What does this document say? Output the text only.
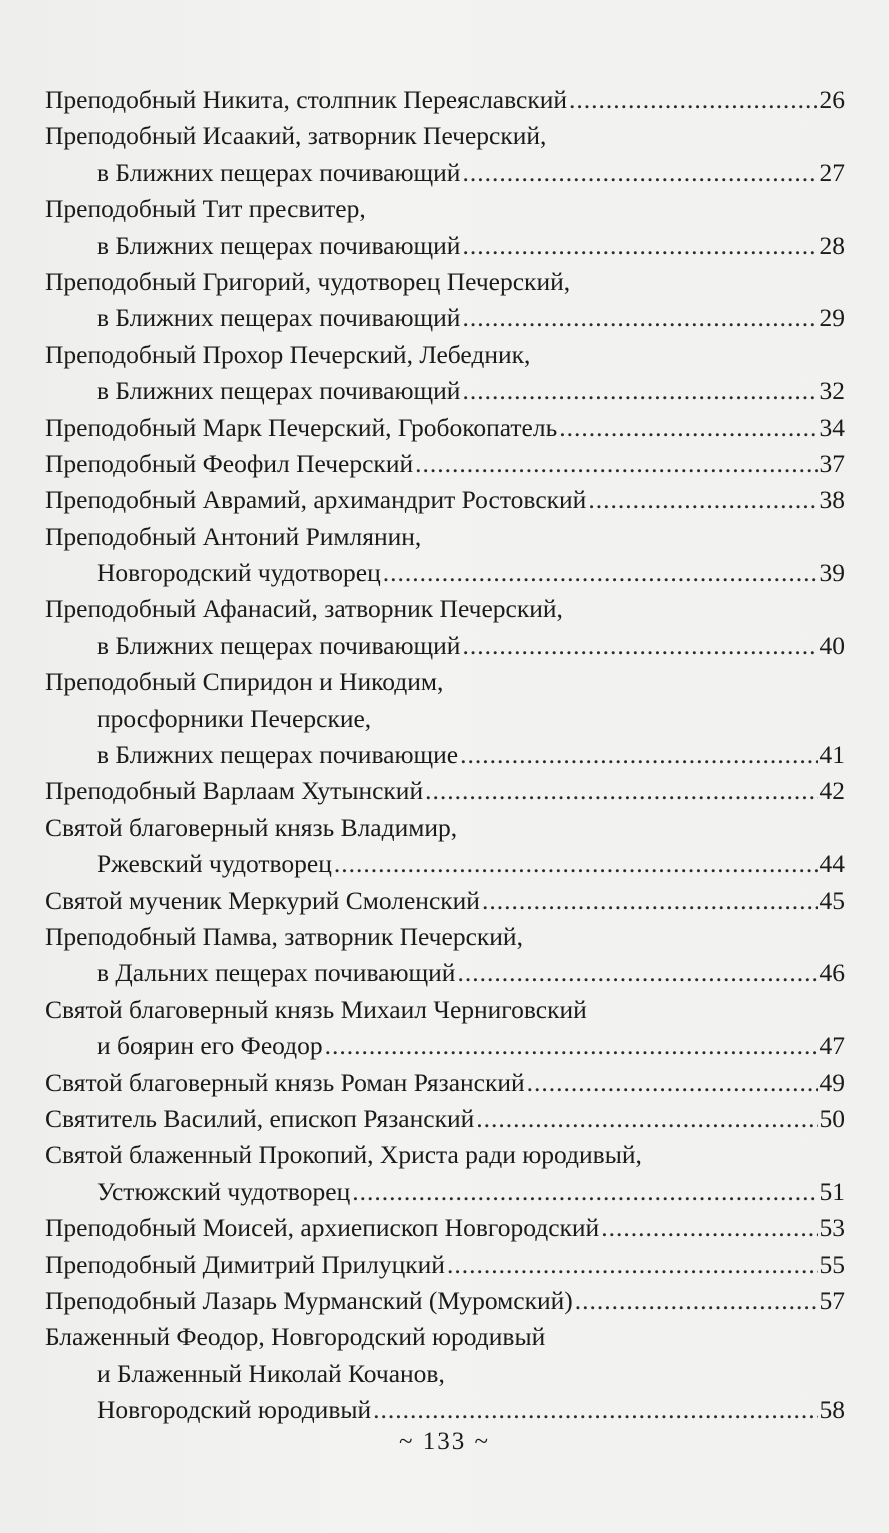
Преподобный Никита, столпник Переяславский .....	26
Преподобный Исаакий, затворник Печерский,
в Ближних пещерах почивающий .....	27
Преподобный Тит пресвитер,
в Ближних пещерах почивающий .....	28
Преподобный Григорий, чудотворец Печерский,
в Ближних пещерах почивающий .....	29
Преподобный Прохор Печерский, Лебедник,
в Ближних пещерах почивающий .....	32
Преподобный Марк Печерский, Гробокопатель .....	34
Преподобный Феофил Печерский .....	37
Преподобный Аврамий, архимандрит Ростовский .....	38
Преподобный Антоний Римлянин,
Новгородский чудотворец .....	39
Преподобный Афанасий, затворник Печерский,
в Ближних пещерах почивающий .....	40
Преподобный Спиридон и Никодим,
просфорники Печерские,
в Ближних пещерах почивающие .....	41
Преподобный Варлаам Хутынский .....	42
Святой благоверный князь Владимир,
Ржевский чудотворец .....	44
Святой мученик Меркурий Смоленский .....	45
Преподобный Памва, затворник Печерский,
в Дальних пещерах почивающий .....	46
Святой благоверный князь Михаил Черниговский
и боярин его Феодор .....	47
Святой благоверный князь Роман Рязанский .....	49
Святитель Василий, епископ Рязанский .....	50
Святой блаженный Прокопий, Христа ради юродивый,
Устюжский чудотворец .....	51
Преподобный Моисей, архиепископ Новгородский .....	53
Преподобный Димитрий Прилуцкий .....	55
Преподобный Лазарь Мурманский (Муромский) .....	57
Блаженный Феодор, Новгородский юродивый
и Блаженный Николай Кочанов,
Новгородский юродивый .....	58
~ 133 ~
